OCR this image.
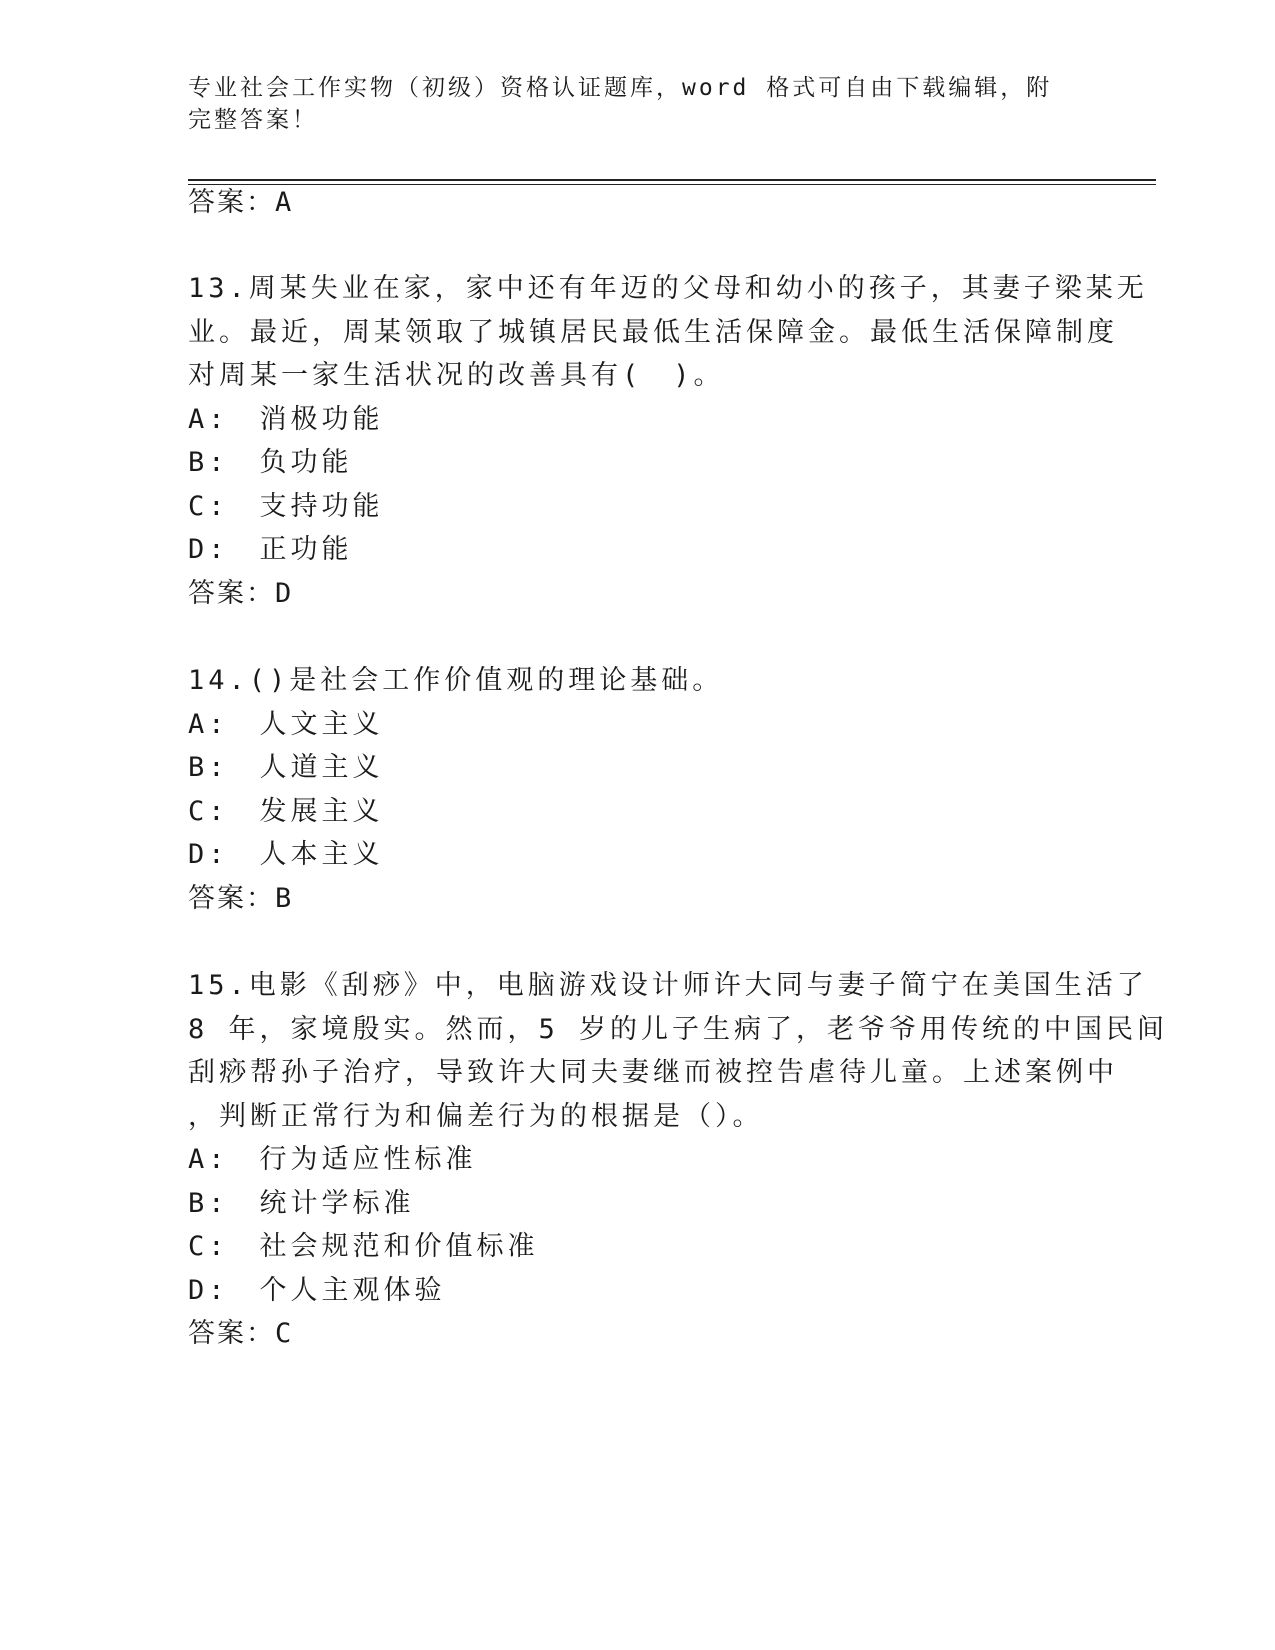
专业社会工作实物（初级）资格认证题库，word 格式可自由下载编辑，附完整答案！
答案：A
13.周某失业在家，家中还有年迈的父母和幼小的孩子，其妻子梁某无
业。最近，周某领取了城镇居民最低生活保障金。最低生活保障制度
对周某一家生活状况的改善具有(　)。
A:　消极功能
B:　负功能
C:　支持功能
D:　正功能
答案：D
14.()是社会工作价值观的理论基础。
A:　人文主义
B:　人道主义
C:　发展主义
D:　人本主义
答案：B
15.电影《刮痧》中，电脑游戏设计师许大同与妻子简宁在美国生活了
8 年，家境殷实。然而，5 岁的儿子生病了，老爷爷用传统的中国民间
刮痧帮孙子治疗，导致许大同夫妻继而被控告虐待儿童。上述案例中
，判断正常行为和偏差行为的根据是（）。
A:　行为适应性标准
B:　统计学标准
C:　社会规范和价值标准
D:　个人主观体验
答案：C
